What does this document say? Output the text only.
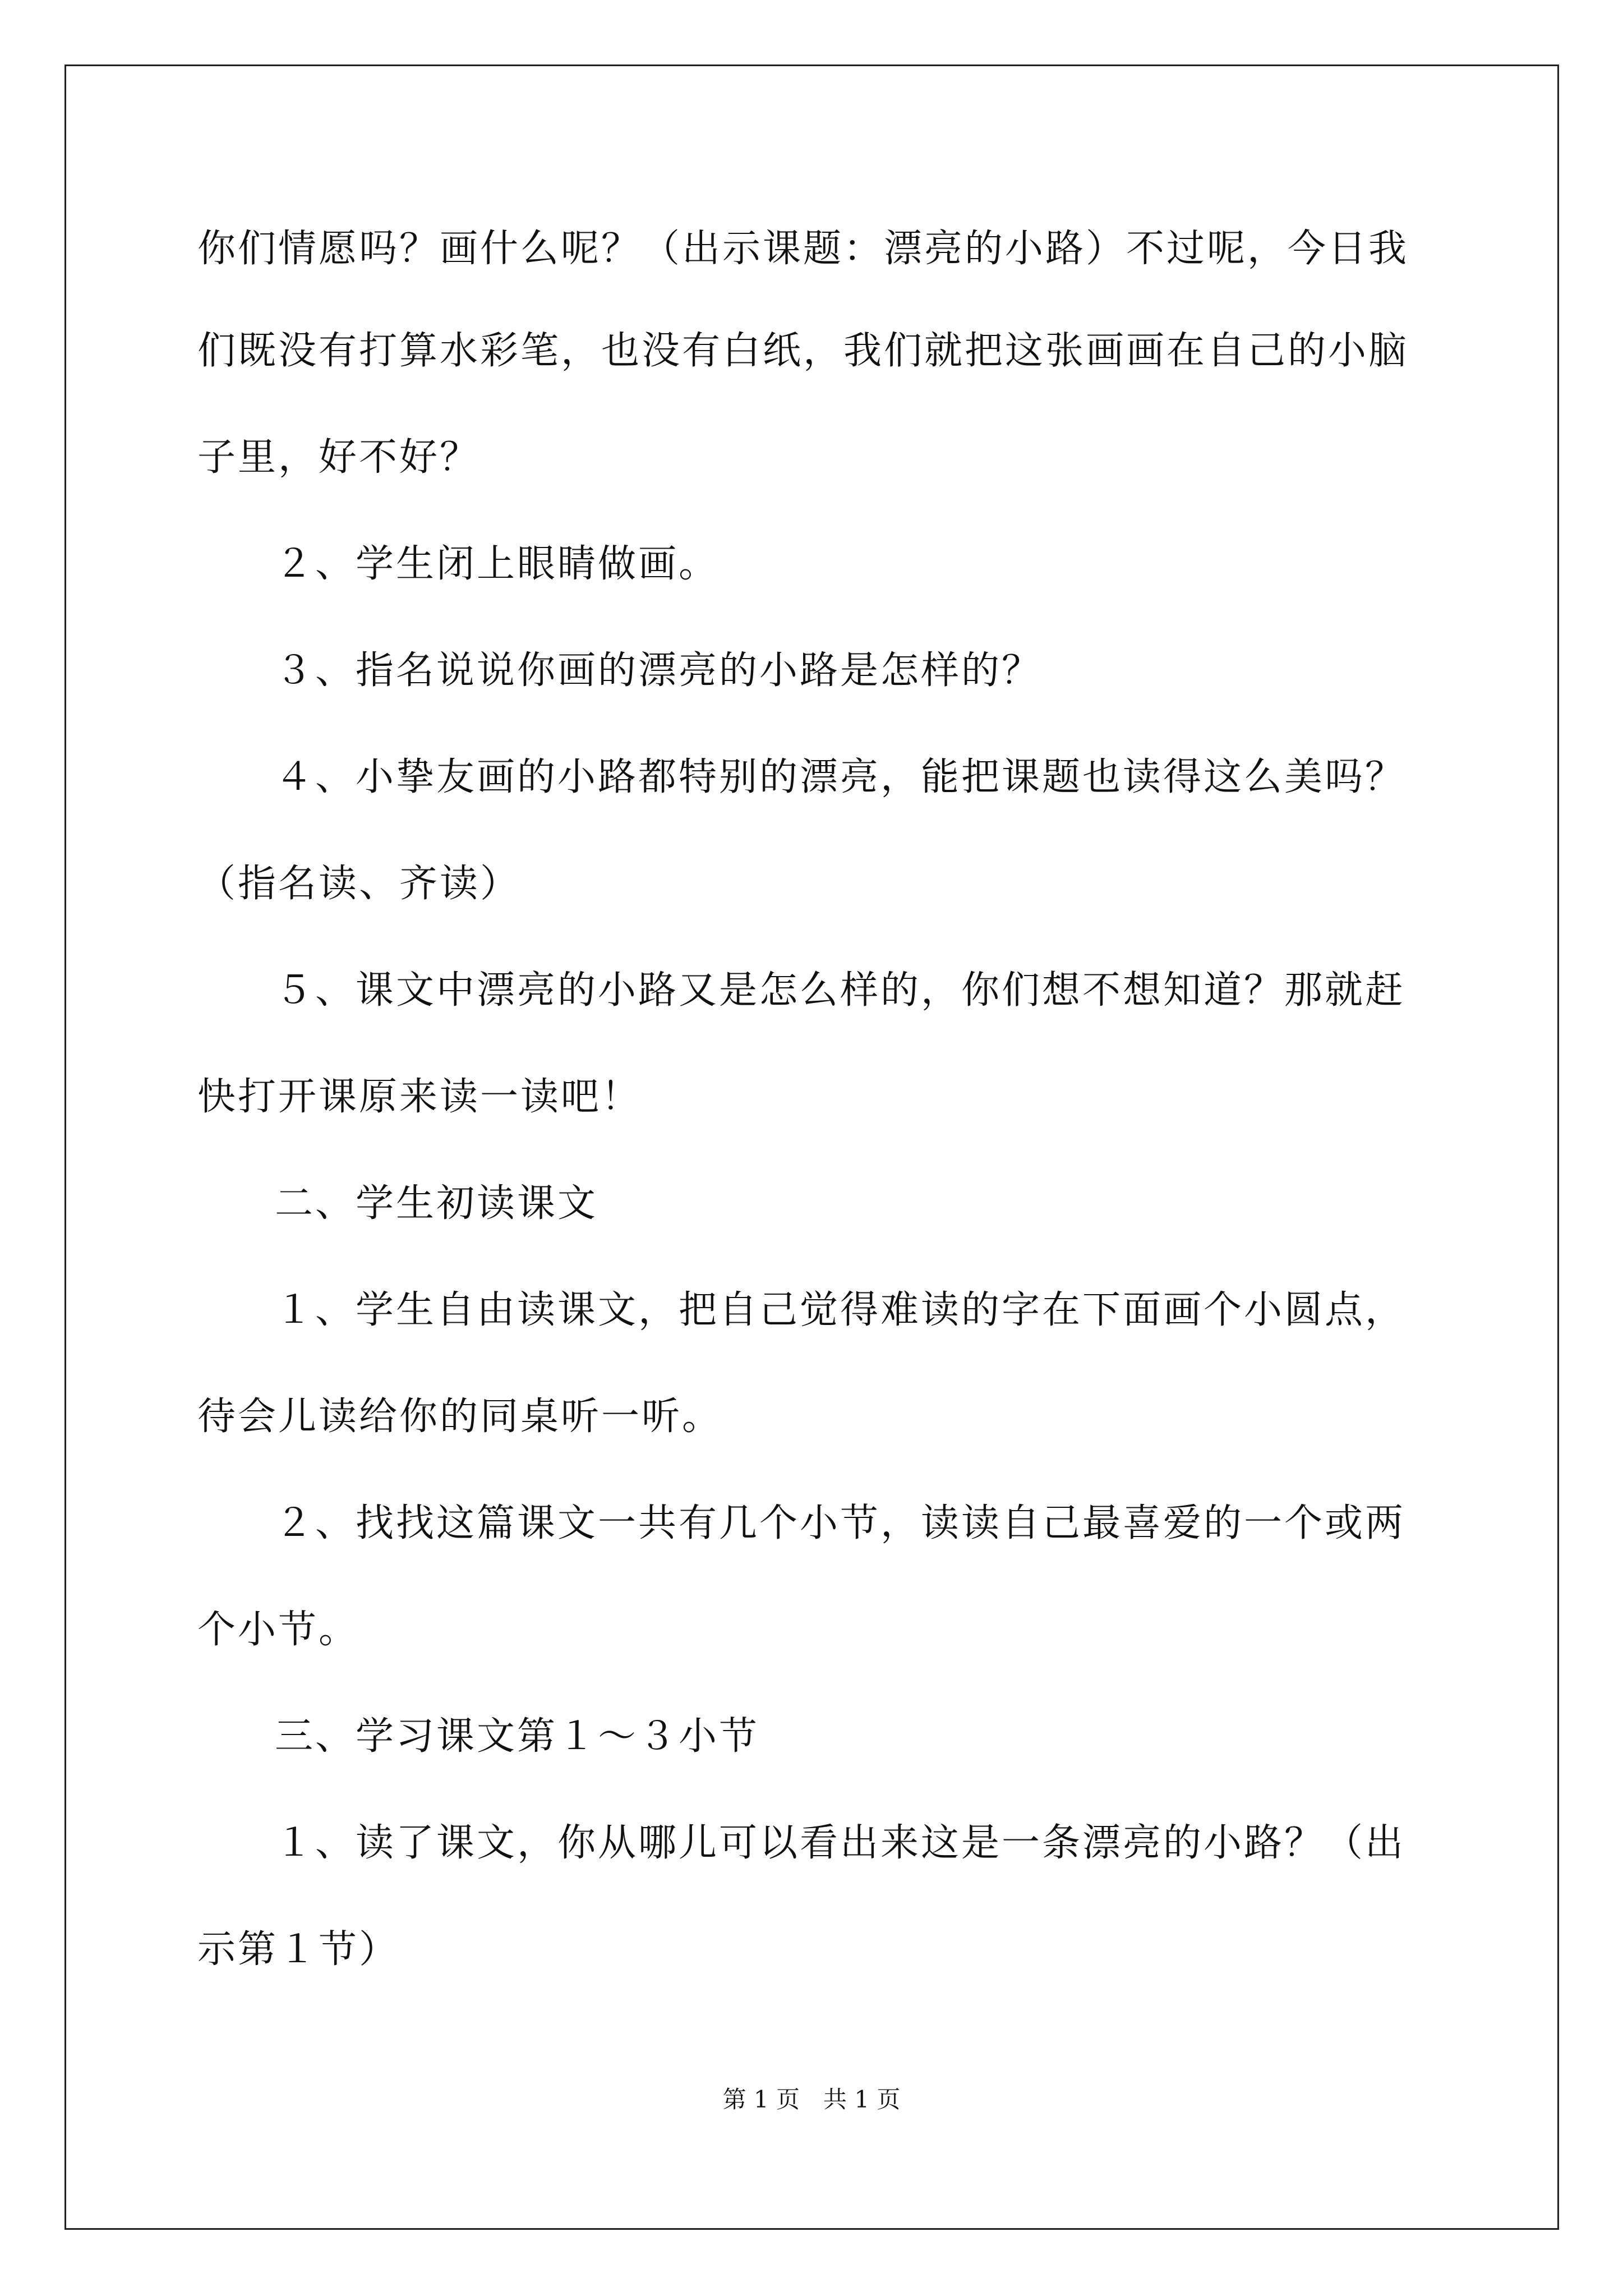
你们情愿吗？画什么呢？（出示课题：漂亮的小路）不过呢，今日我
们既没有打算水彩笔，也没有白纸，我们就把这张画画在自己的小脑
子里，好不好？
２、学生闭上眼睛做画。
３、指名说说你画的漂亮的小路是怎样的？
４、小挚友画的小路都特别的漂亮，能把课题也读得这么美吗？
（指名读、齐读）
５、课文中漂亮的小路又是怎么样的，你们想不想知道？那就赶
快打开课原来读一读吧！
二、学生初读课文
１、学生自由读课文，把自己觉得难读的字在下面画个小圆点，
待会儿读给你的同桌听一听。
２、找找这篇课文一共有几个小节，读读自己最喜爱的一个或两
个小节。
三、学习课文第１～３小节
１、读了课文，你从哪儿可以看出来这是一条漂亮的小路？（出
示第１节）
第 1 页　共 1 页
